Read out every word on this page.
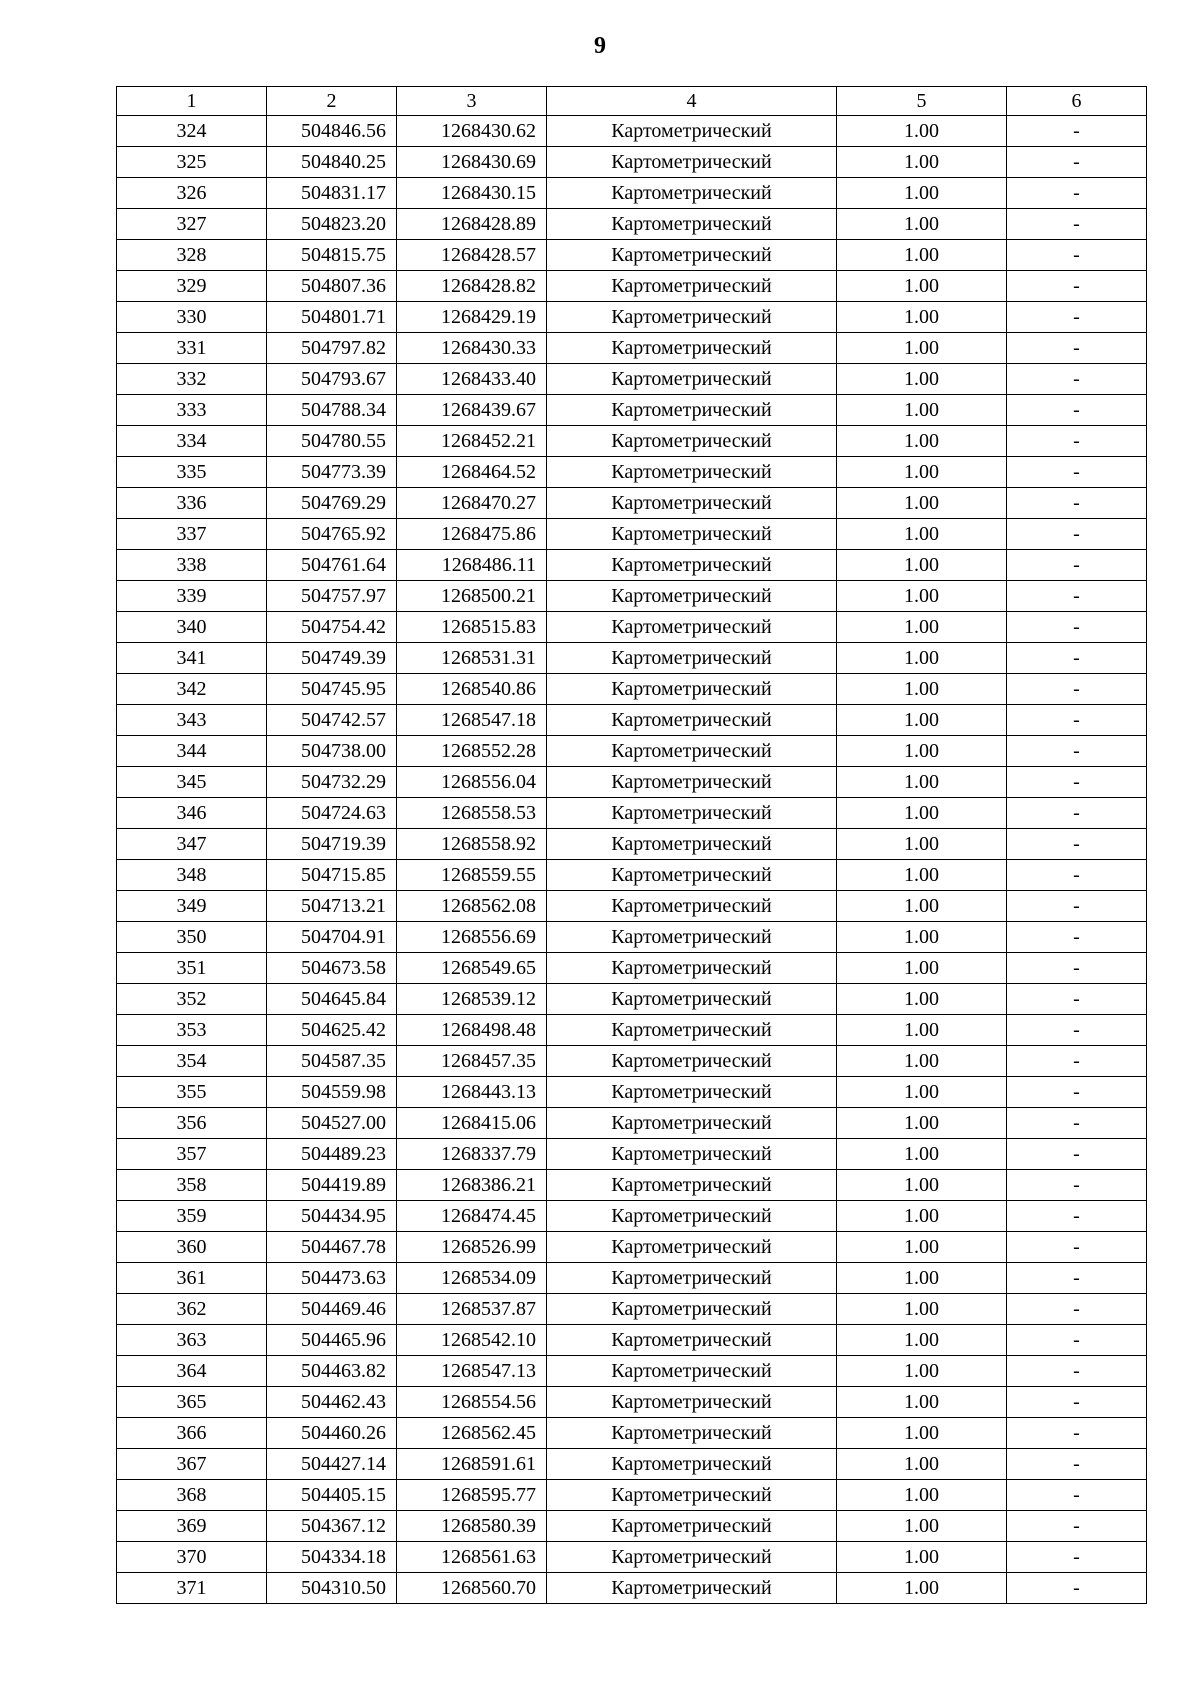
9
1	2	3	4	5	6
324	504846.56	1268430.62	Картометрический	1.00	-
325	504840.25	1268430.69	Картометрический	1.00	-
326	504831.17	1268430.15	Картометрический	1.00	-
327	504823.20	1268428.89	Картометрический	1.00	-
328	504815.75	1268428.57	Картометрический	1.00	-
329	504807.36	1268428.82	Картометрический	1.00	-
330	504801.71	1268429.19	Картометрический	1.00	-
331	504797.82	1268430.33	Картометрический	1.00	-
332	504793.67	1268433.40	Картометрический	1.00	-
333	504788.34	1268439.67	Картометрический	1.00	-
334	504780.55	1268452.21	Картометрический	1.00	-
335	504773.39	1268464.52	Картометрический	1.00	-
336	504769.29	1268470.27	Картометрический	1.00	-
337	504765.92	1268475.86	Картометрический	1.00	-
338	504761.64	1268486.11	Картометрический	1.00	-
339	504757.97	1268500.21	Картометрический	1.00	-
340	504754.42	1268515.83	Картометрический	1.00	-
341	504749.39	1268531.31	Картометрический	1.00	-
342	504745.95	1268540.86	Картометрический	1.00	-
343	504742.57	1268547.18	Картометрический	1.00	-
344	504738.00	1268552.28	Картометрический	1.00	-
345	504732.29	1268556.04	Картометрический	1.00	-
346	504724.63	1268558.53	Картометрический	1.00	-
347	504719.39	1268558.92	Картометрический	1.00	-
348	504715.85	1268559.55	Картометрический	1.00	-
349	504713.21	1268562.08	Картометрический	1.00	-
350	504704.91	1268556.69	Картометрический	1.00	-
351	504673.58	1268549.65	Картометрический	1.00	-
352	504645.84	1268539.12	Картометрический	1.00	-
353	504625.42	1268498.48	Картометрический	1.00	-
354	504587.35	1268457.35	Картометрический	1.00	-
355	504559.98	1268443.13	Картометрический	1.00	-
356	504527.00	1268415.06	Картометрический	1.00	-
357	504489.23	1268337.79	Картометрический	1.00	-
358	504419.89	1268386.21	Картометрический	1.00	-
359	504434.95	1268474.45	Картометрический	1.00	-
360	504467.78	1268526.99	Картометрический	1.00	-
361	504473.63	1268534.09	Картометрический	1.00	-
362	504469.46	1268537.87	Картометрический	1.00	-
363	504465.96	1268542.10	Картометрический	1.00	-
364	504463.82	1268547.13	Картометрический	1.00	-
365	504462.43	1268554.56	Картометрический	1.00	-
366	504460.26	1268562.45	Картометрический	1.00	-
367	504427.14	1268591.61	Картометрический	1.00	-
368	504405.15	1268595.77	Картометрический	1.00	-
369	504367.12	1268580.39	Картометрический	1.00	-
370	504334.18	1268561.63	Картометрический	1.00	-
371	504310.50	1268560.70	Картометрический	1.00	-
